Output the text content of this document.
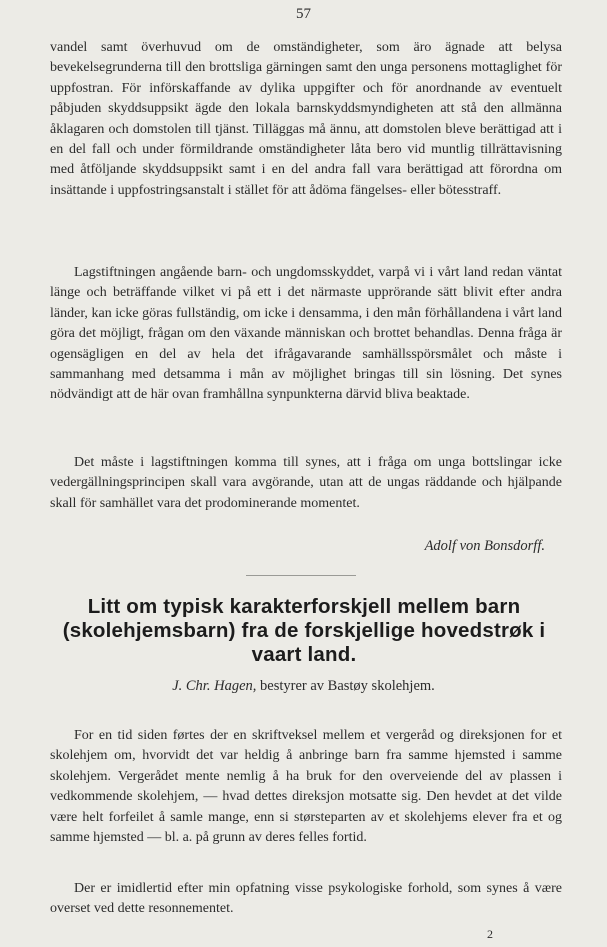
57

vandel samt överhuvud om de omständigheter, som äro ägnade att belysa bevekelsegrunderna till den brottsliga gärningen samt den unga personens mottaglighet för uppfostran. För införskaffande av dylika uppgifter och för anordnande av eventuelt påbjuden skyddsuppsikt ägde den lokala barnskyddsmyndigheten att stå den allmänna åklagaren och domstolen till tjänst. Tilläggas må ännu, att domstolen bleve berättigad att i en del fall och under förmildrande omständigheter låta bero vid muntlig tillrättavisning med åtföljande skyddsuppsikt samt i en del andra fall vara berättigad att förordna om insättande i uppfostringsanstalt i stället för att ådöma fängelses- eller bötesstraff.

Lagstiftningen angående barn- och ungdomsskyddet, varpå vi i vårt land redan väntat länge och beträffande vilket vi på ett i det närmaste upprörande sätt blivit efter andra länder, kan icke göras fullständig, om icke i densamma, i den mån förhållandena i vårt land göra det möjligt, frågan om den växande människan och brottet behandlas. Denna fråga är ogensägligen en del av hela det ifrågavarande samhällsspörsmålet och måste i sammanhang med detsamma i mån av möjlighet bringas till sin lösning. Det synes nödvändigt att de här ovan framhållna synpunkterna därvid bliva beaktade.

Det måste i lagstiftningen komma till synes, att i fråga om unga bottslingar icke vedergällningsprincipen skall vara avgörande, utan att de ungas räddande och hjälpande skall för samhället vara det prodominerande momentet.

Adolf von Bonsdorff.
Litt om typisk karakterforskjell mellem barn (skolehjemsbarn) fra de forskjellige hovedstrøk i vaart land.
J. Chr. Hagen, bestyrer av Bastøy skolehjem.

For en tid siden førtes der en skriftveksel mellem et vergeråd og direksjonen for et skolehjem om, hvorvidt det var heldig å anbringe barn fra samme hjemsted i samme skolehjem. Vergerådet mente nemlig å ha bruk for den overveiende del av plassen i vedkommende skolehjem, — hvad dettes direksjon motsatte sig. Den hevdet at det vilde være helt forfeilet å samle mange, enn si størsteparten av et skolehjems elever fra et og samme hjemsted — bl. a. på grunn av deres felles fortid.

Der er imidlertid efter min opfatning visse psykologiske forhold, som synes å være overset ved dette resonnementet.

2
